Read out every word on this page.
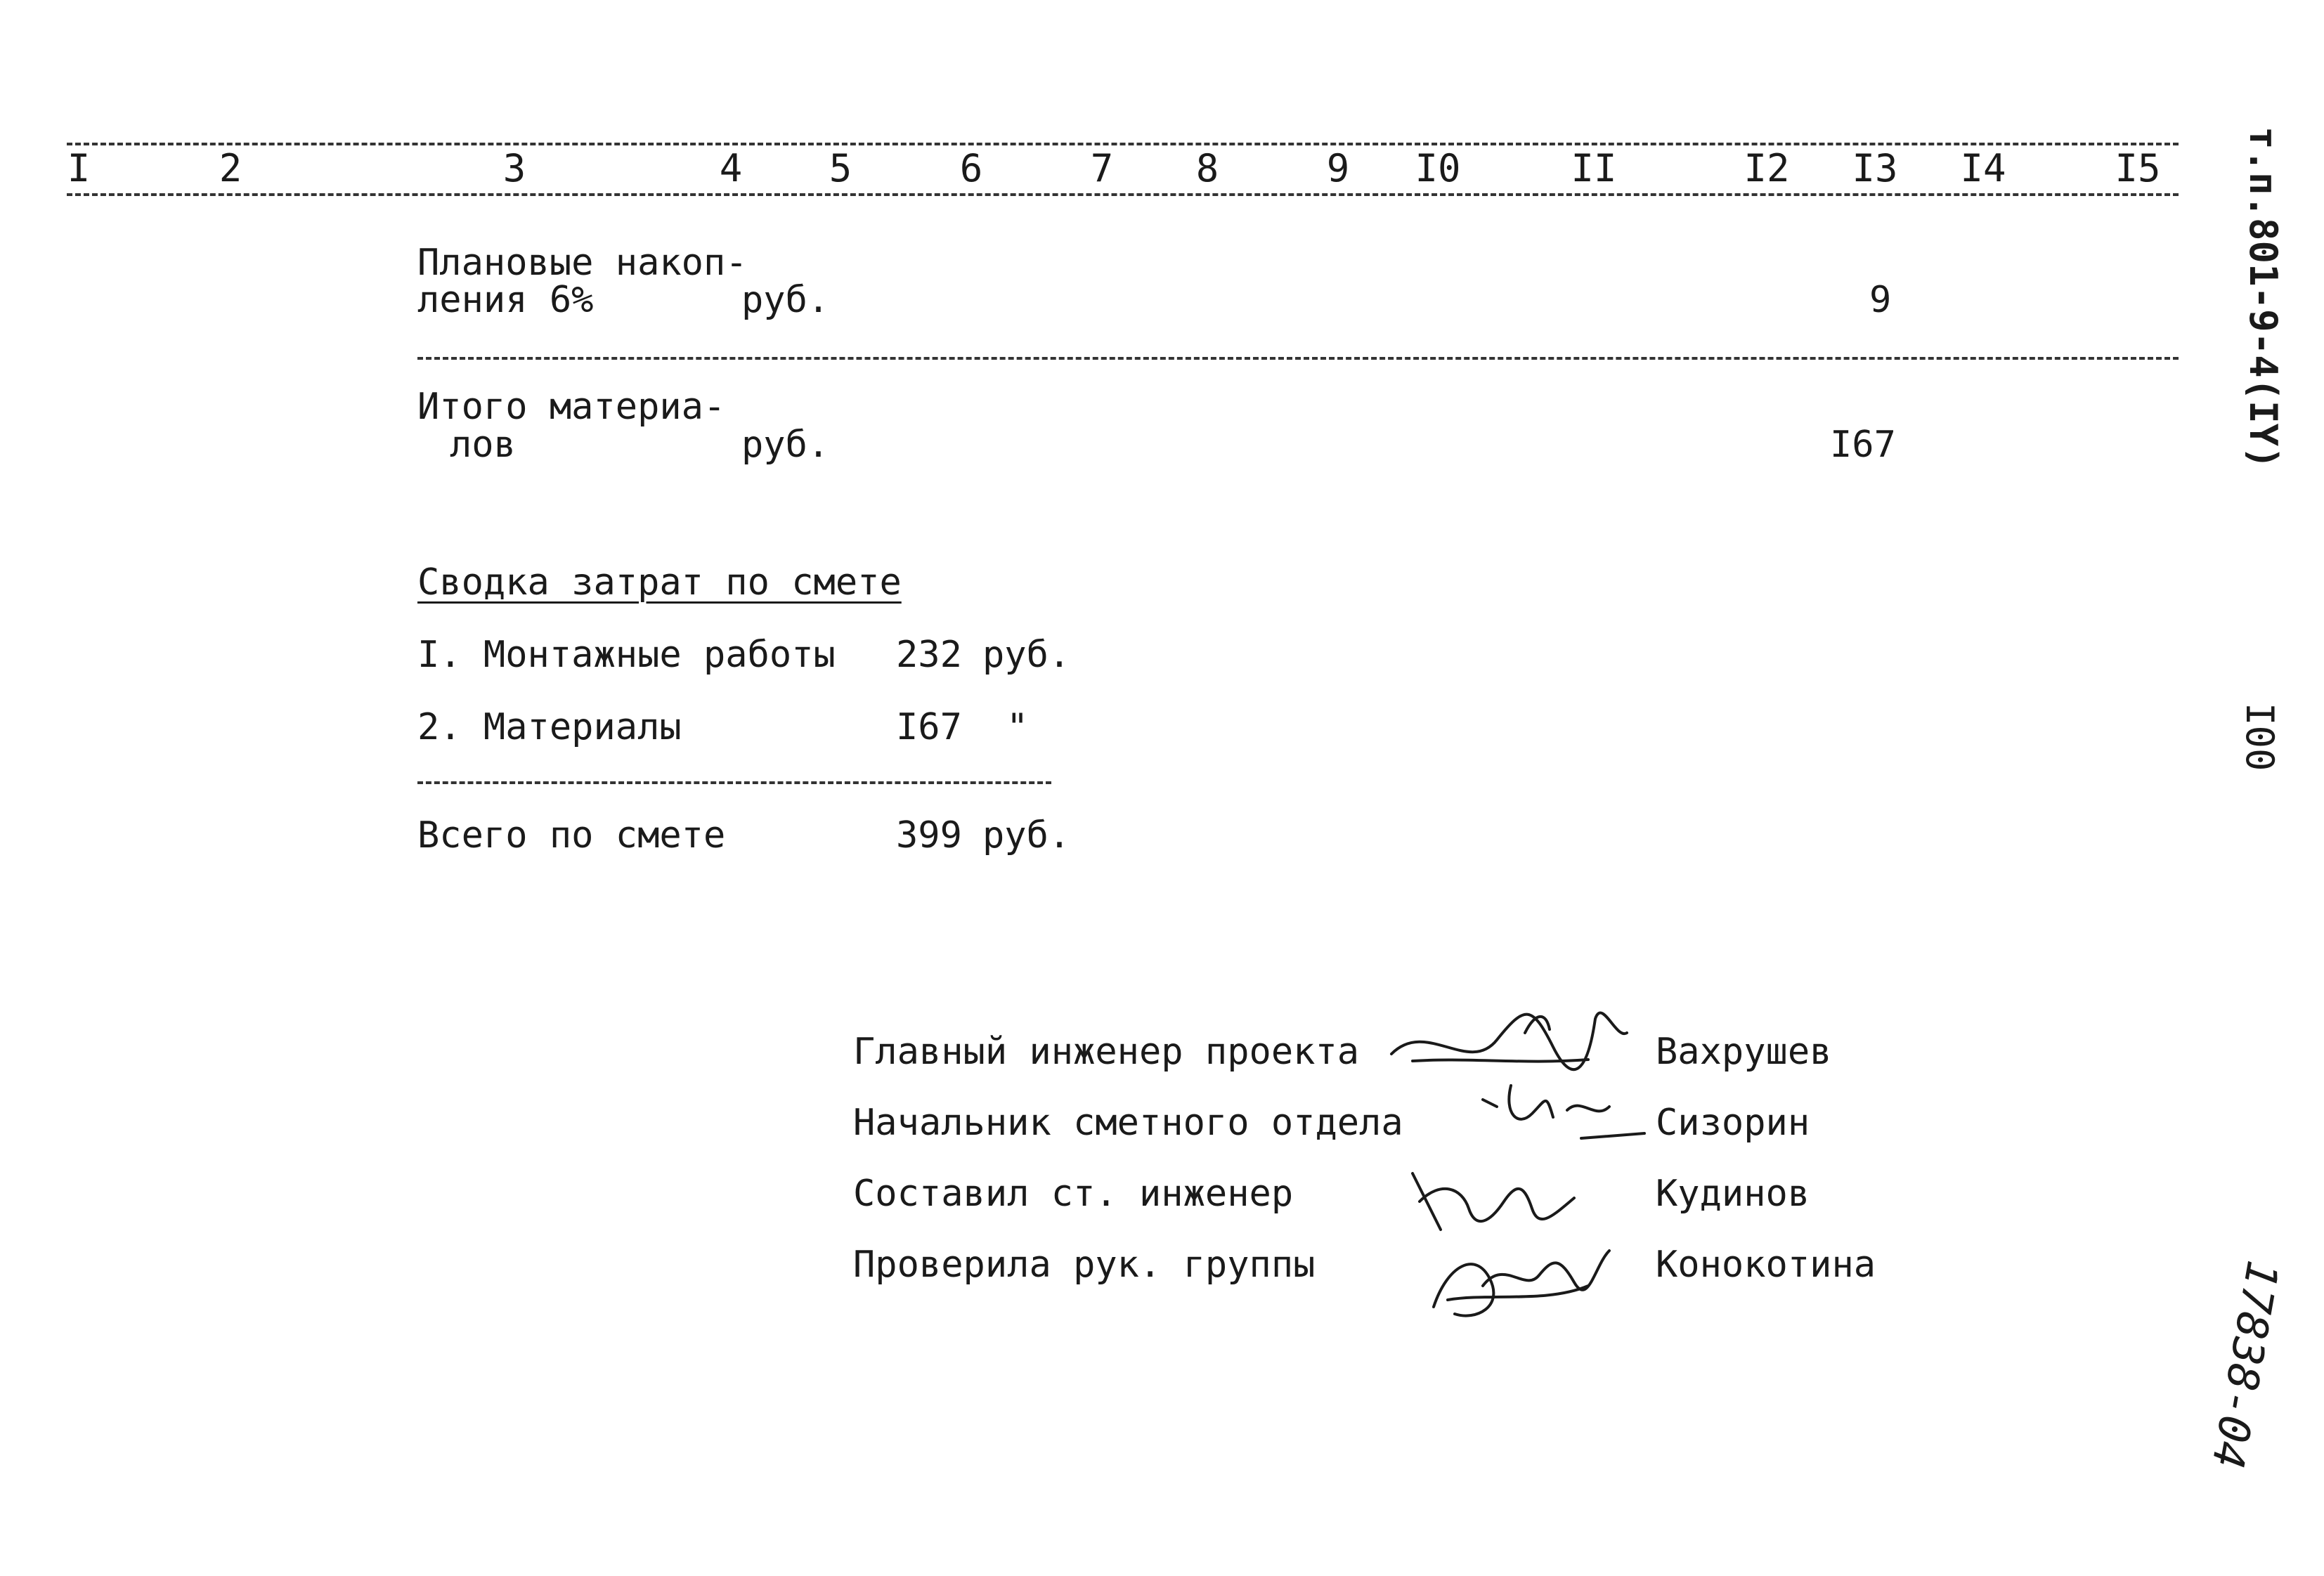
I	2	3	4 5	6	7 8	9 I0	II	I2 I3 I4	I5
Плановые накоп-
ления 6%	руб.	9
Итого материа-
лов	руб.	I67
Сводка затрат по смете
I. Монтажные работы 232 руб.
2. Материалы	I67 "
Всего по смете	399 руб.
Главный инженер проекта	Вахрушев
Начальник сметного отдела	Сизорин
Составил ст. инженер	Кудинов
Проверила рук. группы	Конокотина
т.п.801-9-4(IY)
I00
17838-04
